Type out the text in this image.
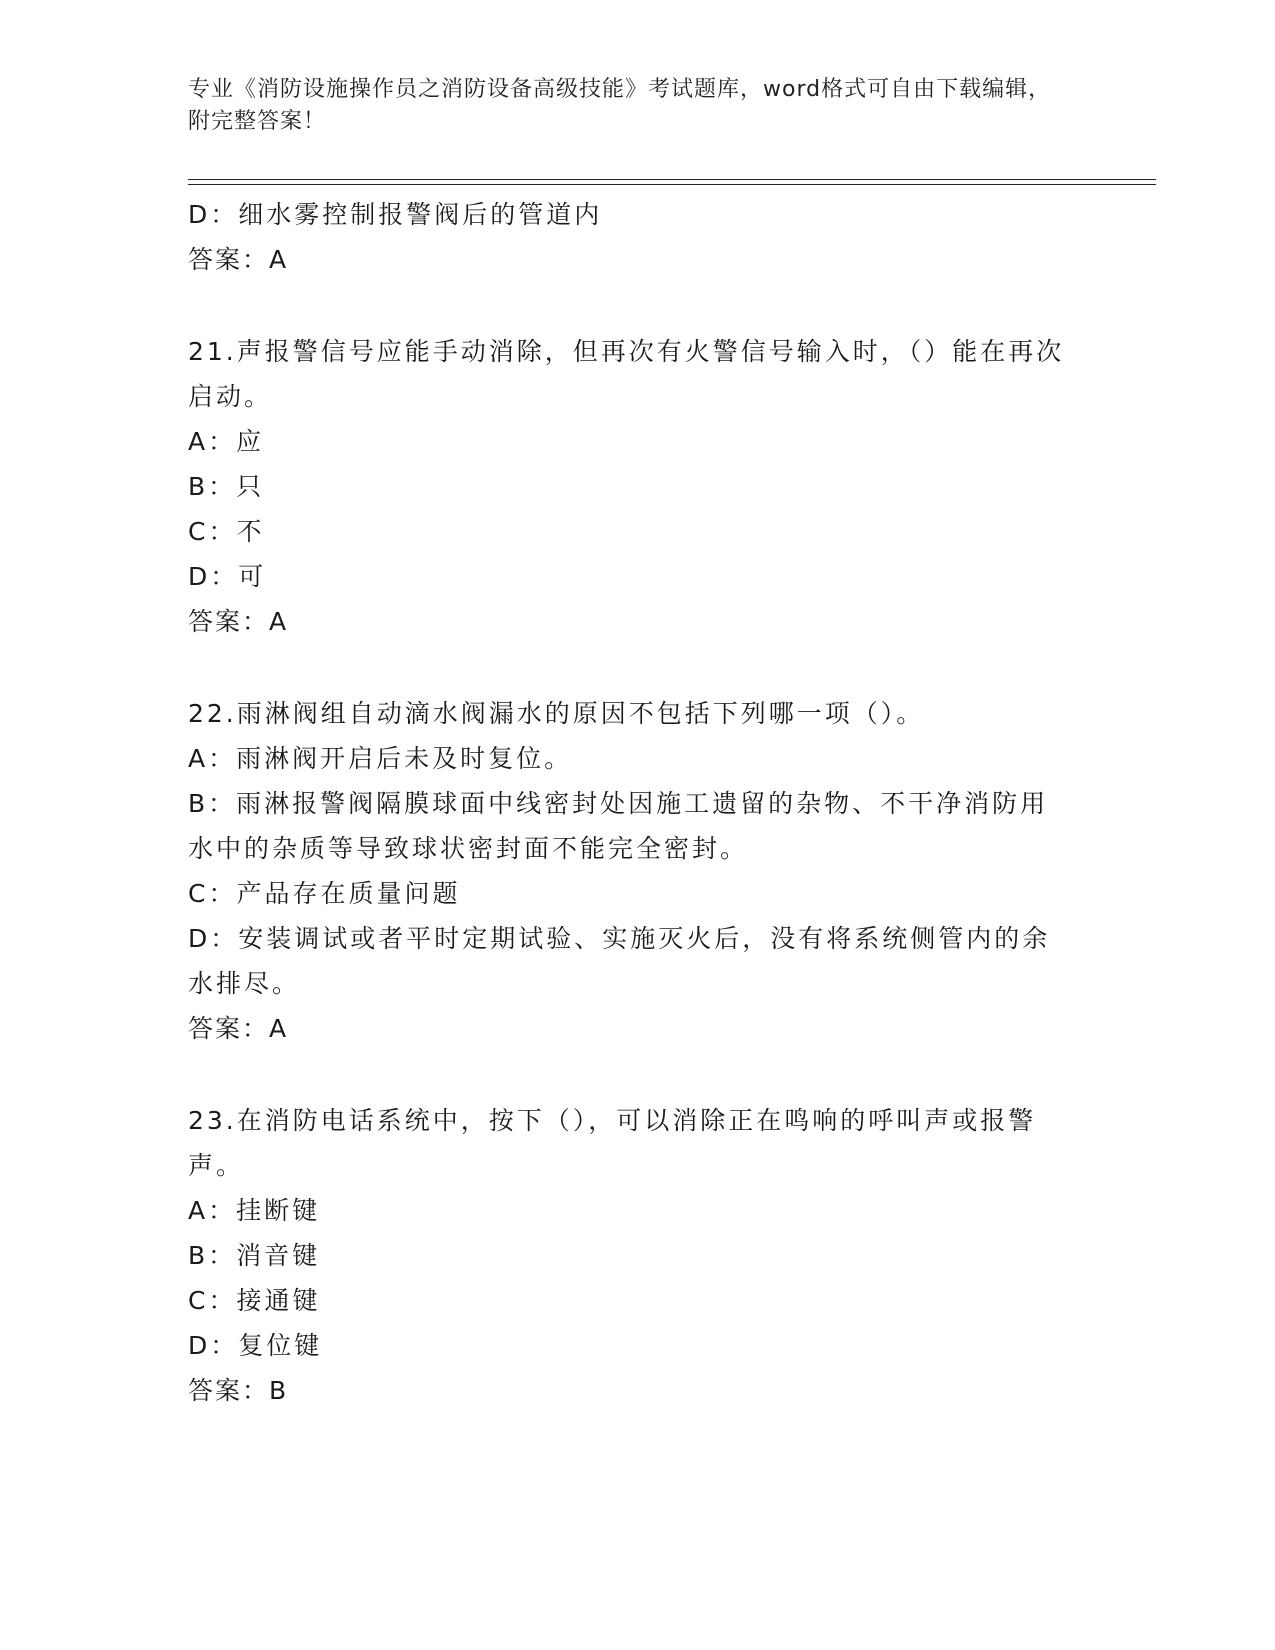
专业《消防设施操作员之消防设备高级技能》考试题库，word格式可自由下载编辑，附完整答案！

D：细水雾控制报警阀后的管道内

答案：A

21.声报警信号应能手动消除，但再次有火警信号输入时，（）能在再次启动。

A：应

B：只

C：不

D：可

答案：A

22.雨淋阀组自动滴水阀漏水的原因不包括下列哪一项（）。

A：雨淋阀开启后未及时复位。

B：雨淋报警阀隔膜球面中线密封处因施工遗留的杂物、不干净消防用水中的杂质等导致球状密封面不能完全密封。

C：产品存在质量问题

D：安装调试或者平时定期试验、实施灭火后，没有将系统侧管内的余水排尽。

答案：A

23.在消防电话系统中，按下（），可以消除正在鸣响的呼叫声或报警声。

A：挂断键

B：消音键

C：接通键

D：复位键

答案：B
